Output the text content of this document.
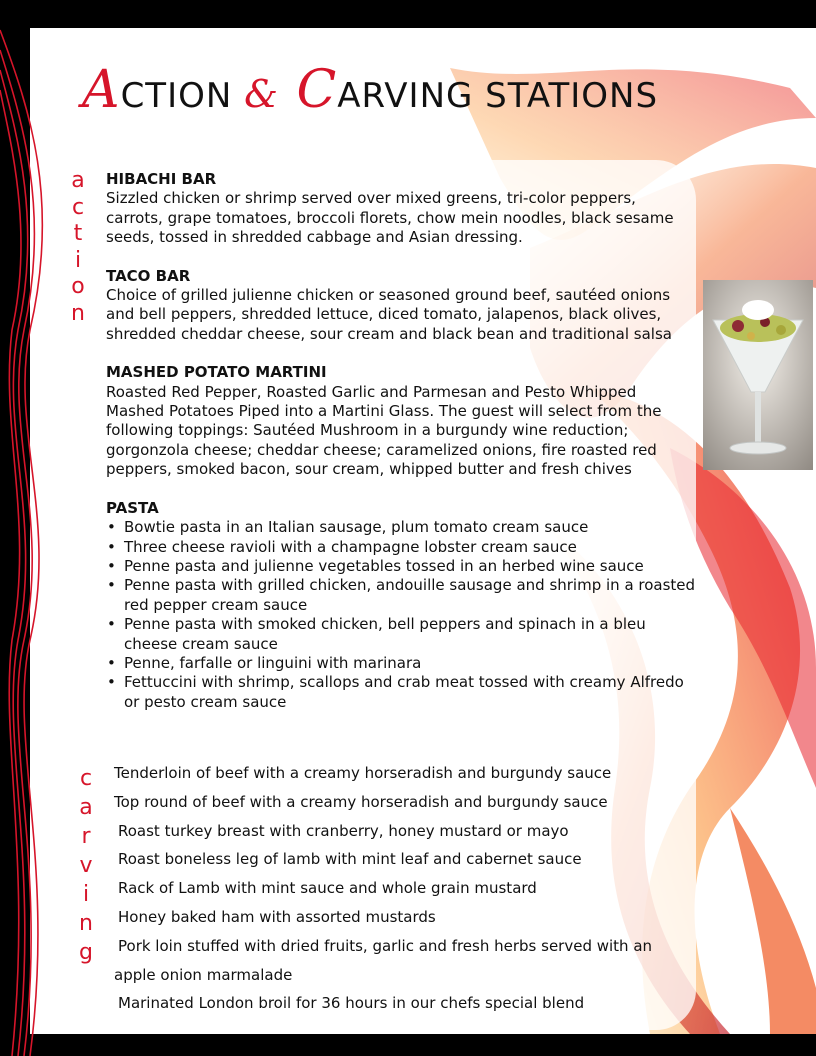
ACTION & CARVING STATIONS
a
c
t
i
o
n
c
a
r
v
i
n
g
HIBACHI BAR
Sizzled chicken or shrimp served over mixed greens, tri-color peppers, carrots, grape tomatoes, broccoli florets, chow mein noodles, black sesame seeds, tossed in shredded cabbage and Asian dressing.
TACO BAR
Choice of grilled julienne chicken or seasoned ground beef, sautéed onions and bell peppers, shredded lettuce, diced tomato, jalapenos, black olives, shredded cheddar cheese, sour cream and black bean and traditional salsa
MASHED POTATO MARTINI
Roasted Red Pepper, Roasted Garlic and Parmesan and Pesto Whipped Mashed Potatoes Piped into a Martini Glass. The guest will select from the following toppings: Sautéed Mushroom in a burgundy wine reduction; gorgonzola cheese; cheddar cheese; caramelized onions, fire roasted red peppers, smoked bacon, sour cream, whipped butter and fresh chives
PASTA
• Bowtie pasta in an Italian sausage, plum tomato cream sauce
• Three cheese ravioli with a champagne lobster cream sauce
• Penne pasta and julienne vegetables tossed in an herbed wine sauce
• Penne pasta with grilled chicken, andouille sausage and shrimp in a roasted red pepper cream sauce
• Penne pasta with smoked chicken, bell peppers and spinach in a bleu cheese cream sauce
• Penne, farfalle or linguini with marinara
• Fettuccini with shrimp, scallops and crab meat tossed with creamy Alfredo or pesto cream sauce
Tenderloin of beef with a creamy horseradish and burgundy sauce
Top round of beef with a creamy horseradish and burgundy sauce
Roast turkey breast with cranberry, honey mustard or mayo
Roast boneless leg of lamb with mint leaf and cabernet sauce
Rack of Lamb with mint sauce and whole grain mustard
Honey baked ham with assorted mustards
Pork loin stuffed with dried fruits, garlic and fresh herbs served with an
apple onion marmalade
Marinated London broil for 36 hours in our chefs special blend
